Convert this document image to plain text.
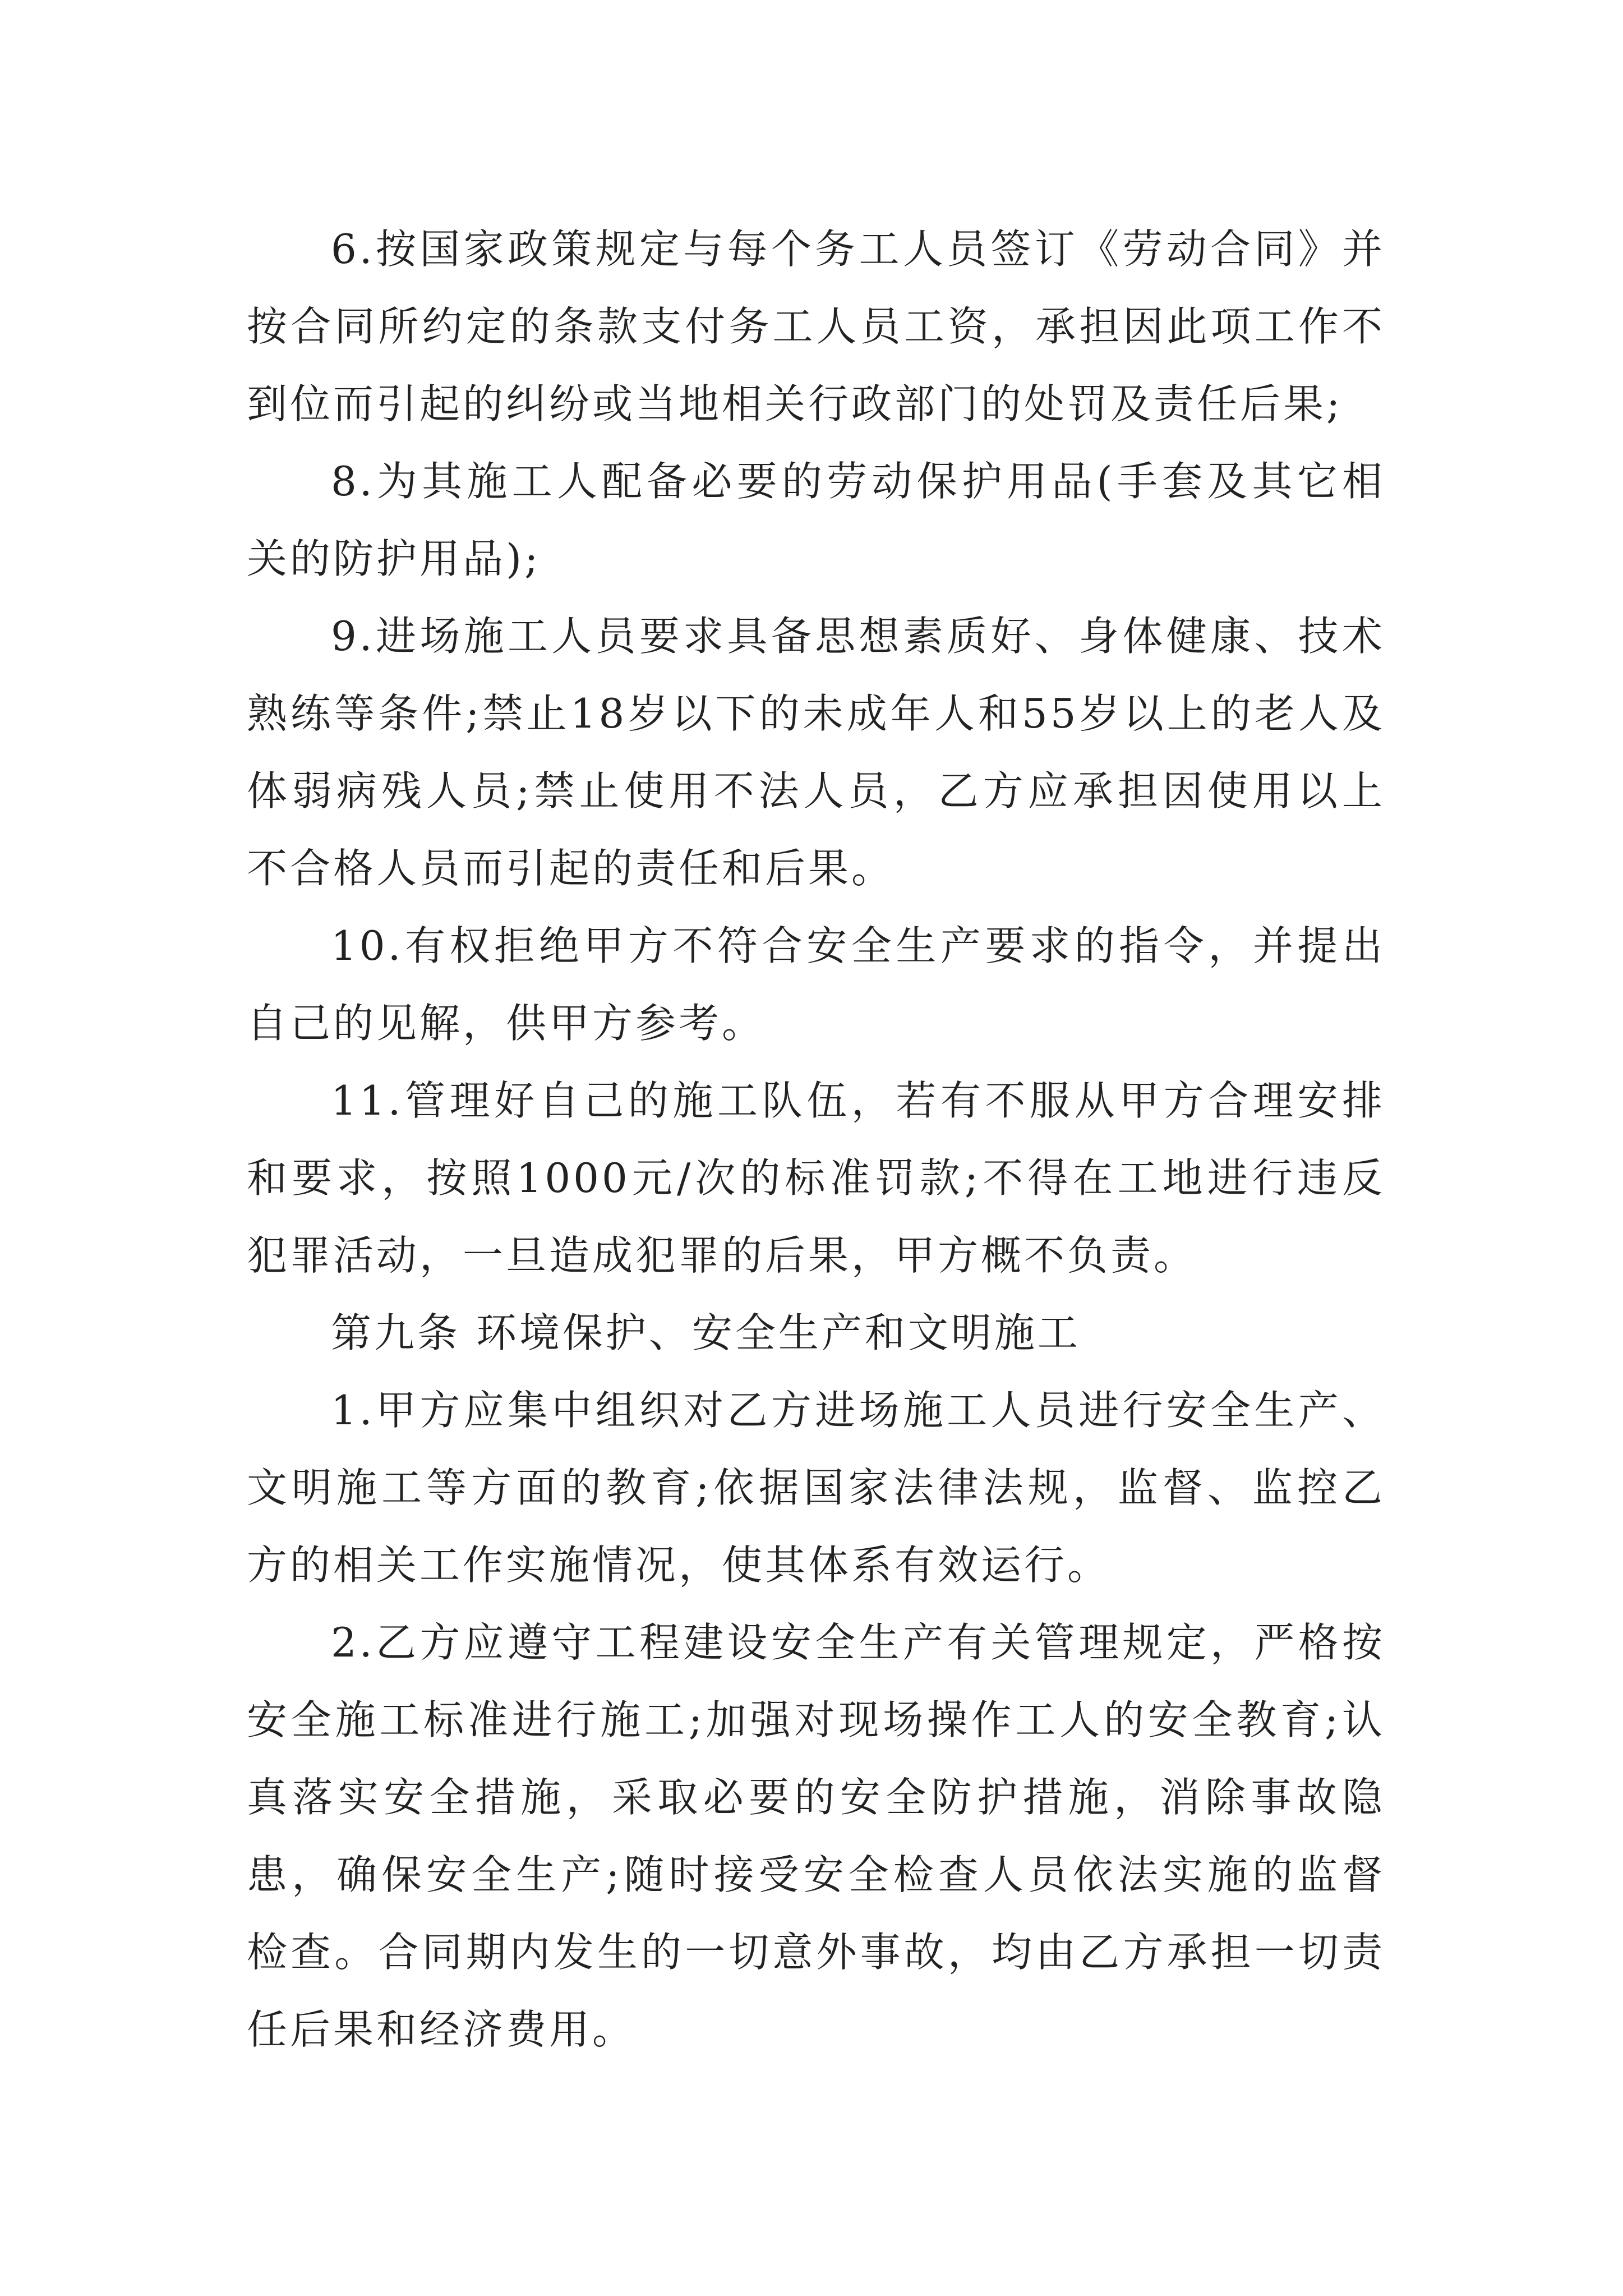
6.按国家政策规定与每个务工人员签订《劳动合同》并按合同所约定的条款支付务工人员工资，承担因此项工作不到位而引起的纠纷或当地相关行政部门的处罚及责任后果;

8.为其施工人配备必要的劳动保护用品(手套及其它相关的防护用品);

9.进场施工人员要求具备思想素质好、身体健康、技术熟练等条件;禁止18岁以下的未成年人和55岁以上的老人及体弱病残人员;禁止使用不法人员，乙方应承担因使用以上不合格人员而引起的责任和后果。

10.有权拒绝甲方不符合安全生产要求的指令，并提出自己的见解，供甲方参考。

11.管理好自己的施工队伍，若有不服从甲方合理安排和要求，按照1000元/次的标准罚款;不得在工地进行违反犯罪活动，一旦造成犯罪的后果，甲方概不负责。

第九条 环境保护、安全生产和文明施工

1.甲方应集中组织对乙方进场施工人员进行安全生产、文明施工等方面的教育;依据国家法律法规，监督、监控乙方的相关工作实施情况，使其体系有效运行。

2.乙方应遵守工程建设安全生产有关管理规定，严格按安全施工标准进行施工;加强对现场操作工人的安全教育;认真落实安全措施，采取必要的安全防护措施，消除事故隐患，确保安全生产;随时接受安全检查人员依法实施的监督检查。合同期内发生的一切意外事故，均由乙方承担一切责任后果和经济费用。
